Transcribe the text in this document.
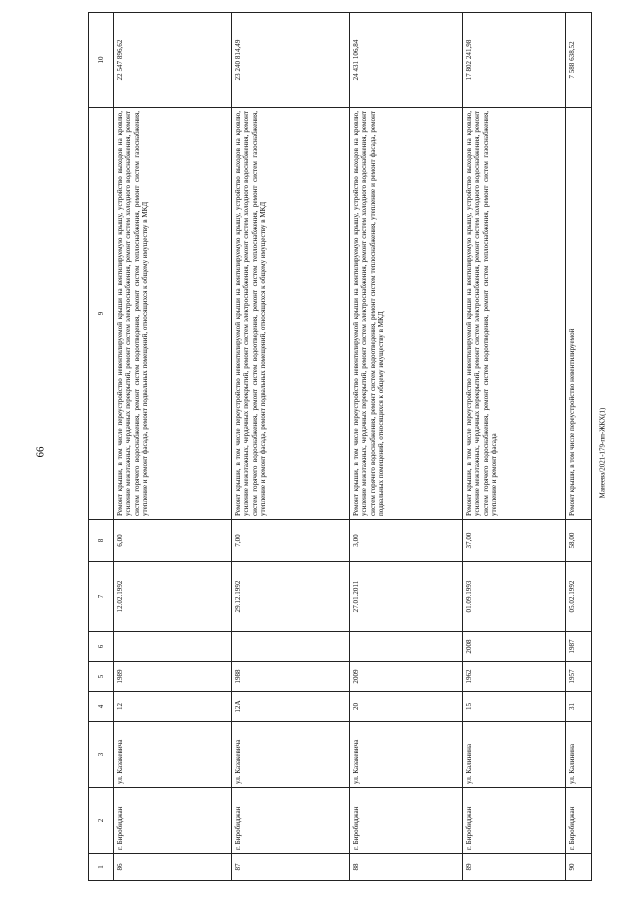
66	Манеева/2021-179-пп-ЖКХ(1)
1	2	3	4	5	6	7	8	9	10
86	г. Биробиджан	ул. Казакевича	12	1989		12.02.1992	6,00	Ремонт крыши, в том числе переустройство невентилируемой крыши на вентилируемую крышу, устройство выходов на кровлю, усиление межэтажных, чердачных перекрытий, ремонт систем электроснабжения, ремонт систем холодного водоснабжения, ремонт систем горячего водоснабжения, ремонт систем водоотведения, ремонт систем теплоснабжения, ремонт систем газоснабжения, утепление и ремонт фасада, ремонт подвальных помещений, относящихся к общему имуществу в МКД	22 547 896,62
87	г. Биробиджан	ул. Казакевича	12А	1988		29.12.1992	7,00	Ремонт крыши, в том числе переустройство невентилируемой крыши на вентилируемую крышу, устройство выходов на кровлю, усиление межэтажных, чердачных перекрытий, ремонт систем электроснабжения, ремонт систем холодного водоснабжения, ремонт систем горячего водоснабжения, ремонт систем водоотведения, ремонт систем теплоснабжения, ремонт систем газоснабжения, утепление и ремонт фасада, ремонт подвальных помещений, относящихся к общему имуществу в МКД	23 240 814,49
88	г. Биробиджан	ул. Казакевича	20	2009		27.01.2011	3,00	Ремонт крыши, в том числе переустройство невентилируемой крыши на вентилируемую крышу, устройство выходов на кровлю, усиление межэтажных, чердачных перекрытий, ремонт систем электроснабжения, ремонт систем холодного водоснабжения, ремонт систем горячего водоснабжения, ремонт систем водоотведения, ремонт систем теплоснабжения, утепление и ремонт фасада, ремонт подвальных помещений, относящихся к общему имуществу в МКД	24 431 106,84
89	г. Биробиджан	ул. Калинина	15	1962	2008	01.09.1993	37,00	Ремонт крыши, в том числе переустройство невентилируемой крыши на вентилируемую крышу, устройство выходов на кровлю, усиление межэтажных, чердачных перекрытий, ремонт систем электроснабжения, ремонт систем холодного водоснабжения, ремонт систем горячего водоснабжения, ремонт систем водоотведения, ремонт систем теплоснабжения, ремонт систем газоснабжения, утепление и ремонт фасада	17 802 241,98
90	г. Биробиджан	ул. Калинина	31	1957	1987	05.02.1992	58,00	Ремонт крыши, в том числе переустройство невентилируемой	7 588 638,52
